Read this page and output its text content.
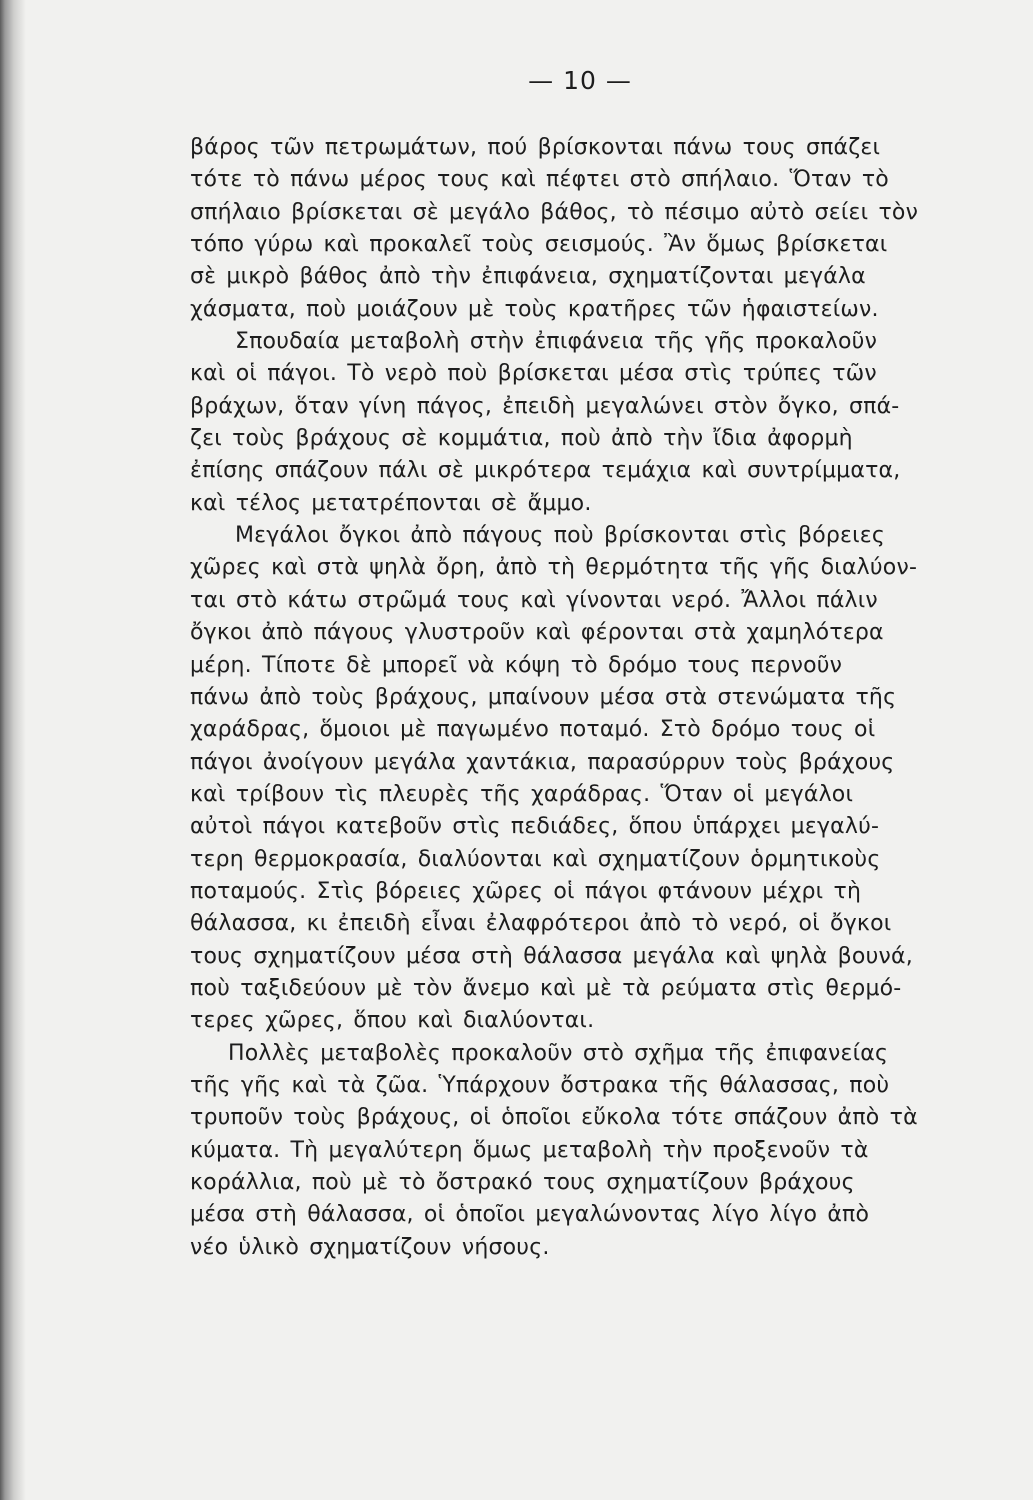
— 10 —
βάρος τῶν πετρωμάτων, πού βρίσκονται πάνω τους σπάζει
τότε τὸ πάνω μέρος τους καὶ πέφτει στὸ σπήλαιο. Ὅταν τὸ
σπήλαιο βρίσκεται σὲ μεγάλο βάθος, τὸ πέσιμο αὐτὸ σείει τὸν
τόπο γύρω καὶ προκαλεῖ τοὺς σεισμούς. Ἂν ὅμως βρίσκεται
σὲ μικρὸ βάθος ἀπὸ τὴν ἐπιφάνεια, σχηματίζονται μεγάλα
χάσματα, ποὺ μοιάζουν μὲ τοὺς κρατῆρες τῶν ἡφαιστείων.
Σπουδαία μεταβολὴ στὴν ἐπιφάνεια τῆς γῆς προκαλοῦν
καὶ οἱ πάγοι. Τὸ νερὸ ποὺ βρίσκεται μέσα στὶς τρύπες τῶν
βράχων, ὅταν γίνη πάγος, ἐπειδὴ μεγαλώνει στὸν ὄγκο, σπά-
ζει τοὺς βράχους σὲ κομμάτια, ποὺ ἀπὸ τὴν ἴδια ἀφορμὴ
ἐπίσης σπάζουν πάλι σὲ μικρότερα τεμάχια καὶ συντρίμματα,
καὶ τέλος μετατρέπονται σὲ ἄμμο.
Μεγάλοι ὄγκοι ἀπὸ πάγους ποὺ βρίσκονται στὶς βόρειες
χῶρες καὶ στὰ ψηλὰ ὄρη, ἀπὸ τὴ θερμότητα τῆς γῆς διαλύον-
ται στὸ κάτω στρῶμά τους καὶ γίνονται νερό. Ἄλλοι πάλιν
ὄγκοι ἀπὸ πάγους γλυστροῦν καὶ φέρονται στὰ χαμηλότερα
μέρη. Τίποτε δὲ μπορεῖ νὰ κόψη τὸ δρόμο τους περνοῦν
πάνω ἀπὸ τοὺς βράχους, μπαίνουν μέσα στὰ στενώματα τῆς
χαράδρας, ὅμοιοι μὲ παγωμένο ποταμό. Στὸ δρόμο τους οἱ
πάγοι ἀνοίγουν μεγάλα χαντάκια, παρασύρρυν τοὺς βράχους
καὶ τρίβουν τὶς πλευρὲς τῆς χαράδρας. Ὅταν οἱ μεγάλοι
αὐτοὶ πάγοι κατεβοῦν στὶς πεδιάδες, ὅπου ὑπάρχει μεγαλύ-
τερη θερμοκρασία, διαλύονται καὶ σχηματίζουν ὁρμητικοὺς
ποταμούς. Στὶς βόρειες χῶρες οἱ πάγοι φτάνουν μέχρι τὴ
θάλασσα, κι ἐπειδὴ εἶναι ἐλαφρότεροι ἀπὸ τὸ νερό, οἱ ὄγκοι
τους σχηματίζουν μέσα στὴ θάλασσα μεγάλα καὶ ψηλὰ βουνά,
ποὺ ταξιδεύουν μὲ τὸν ἄνεμο καὶ μὲ τὰ ρεύματα στὶς θερμό-
τερες χῶρες, ὅπου καὶ διαλύονται.
Πολλὲς μεταβολὲς προκαλοῦν στὸ σχῆμα τῆς ἐπιφανείας
τῆς γῆς καὶ τὰ ζῶα. Ὑπάρχουν ὄστρακα τῆς θάλασσας, ποὺ
τρυποῦν τοὺς βράχους, οἱ ὁποῖοι εὔκολα τότε σπάζουν ἀπὸ τὰ
κύματα. Τὴ μεγαλύτερη ὅμως μεταβολὴ τὴν προξενοῦν τὰ
κοράλλια, ποὺ μὲ τὸ ὄστρακό τους σχηματίζουν βράχους
μέσα στὴ θάλασσα, οἱ ὁποῖοι μεγαλώνοντας λίγο λίγο ἀπὸ
νέο ὑλικὸ σχηματίζουν νήσους.
